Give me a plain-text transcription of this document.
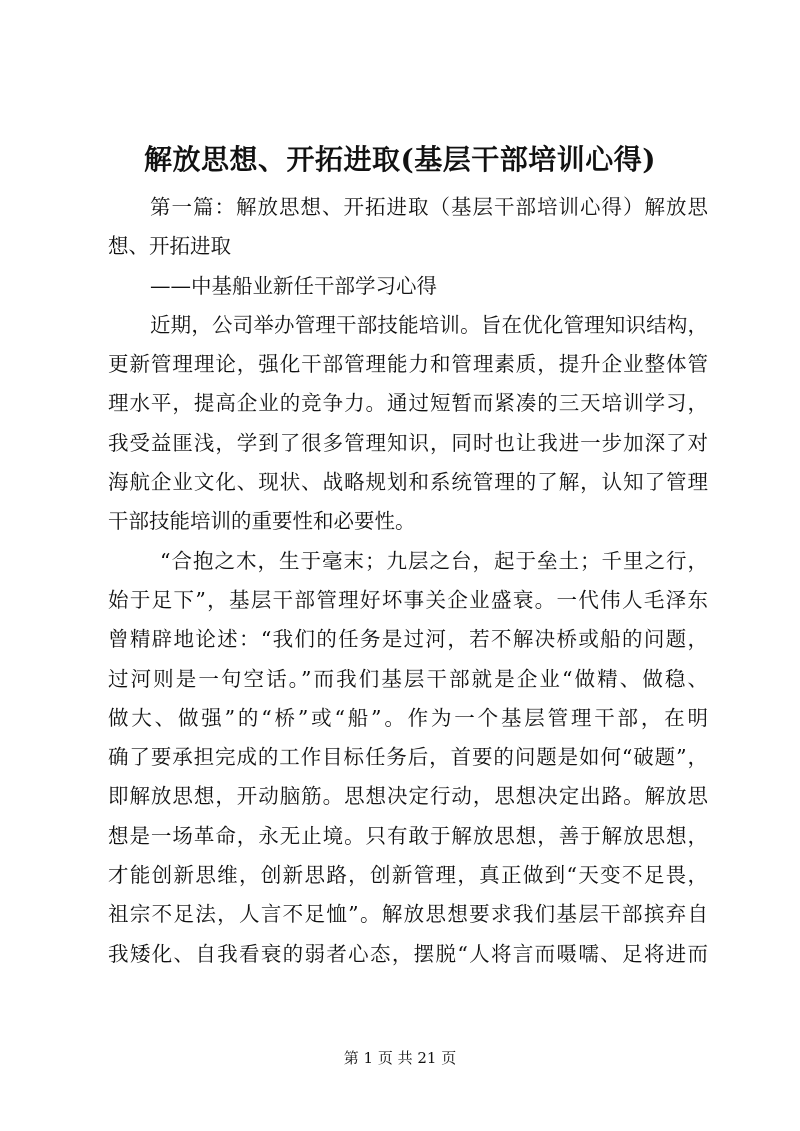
解放思想、开拓进取(基层干部培训心得)
第一篇：解放思想、开拓进取（基层干部培训心得）解放思
想、开拓进取
——中基船业新任干部学习心得
近期，公司举办管理干部技能培训。旨在优化管理知识结构，
更新管理理论，强化干部管理能力和管理素质，提升企业整体管
理水平，提高企业的竞争力。通过短暂而紧凑的三天培训学习，
我受益匪浅，学到了很多管理知识，同时也让我进一步加深了对
海航企业文化、现状、战略规划和系统管理的了解，认知了管理
干部技能培训的重要性和必要性。
“合抱之木，生于毫末；九层之台，起于垒土；千里之行，
始于足下”，基层干部管理好坏事关企业盛衰。一代伟人毛泽东
曾精辟地论述：“我们的任务是过河，若不解决桥或船的问题，
过河则是一句空话。”而我们基层干部就是企业“做精、做稳、
做大、做强”的“桥”或“船”。作为一个基层管理干部，在明
确了要承担完成的工作目标任务后，首要的问题是如何“破题”，
即解放思想，开动脑筋。思想决定行动，思想决定出路。解放思
想是一场革命，永无止境。只有敢于解放思想，善于解放思想，
才能创新思维，创新思路，创新管理，真正做到“天变不足畏，
祖宗不足法，人言不足恤”。解放思想要求我们基层干部摈弃自
我矮化、自我看衰的弱者心态，摆脱“人将言而嗫嚅、足将进而
第 1 页 共 21 页
